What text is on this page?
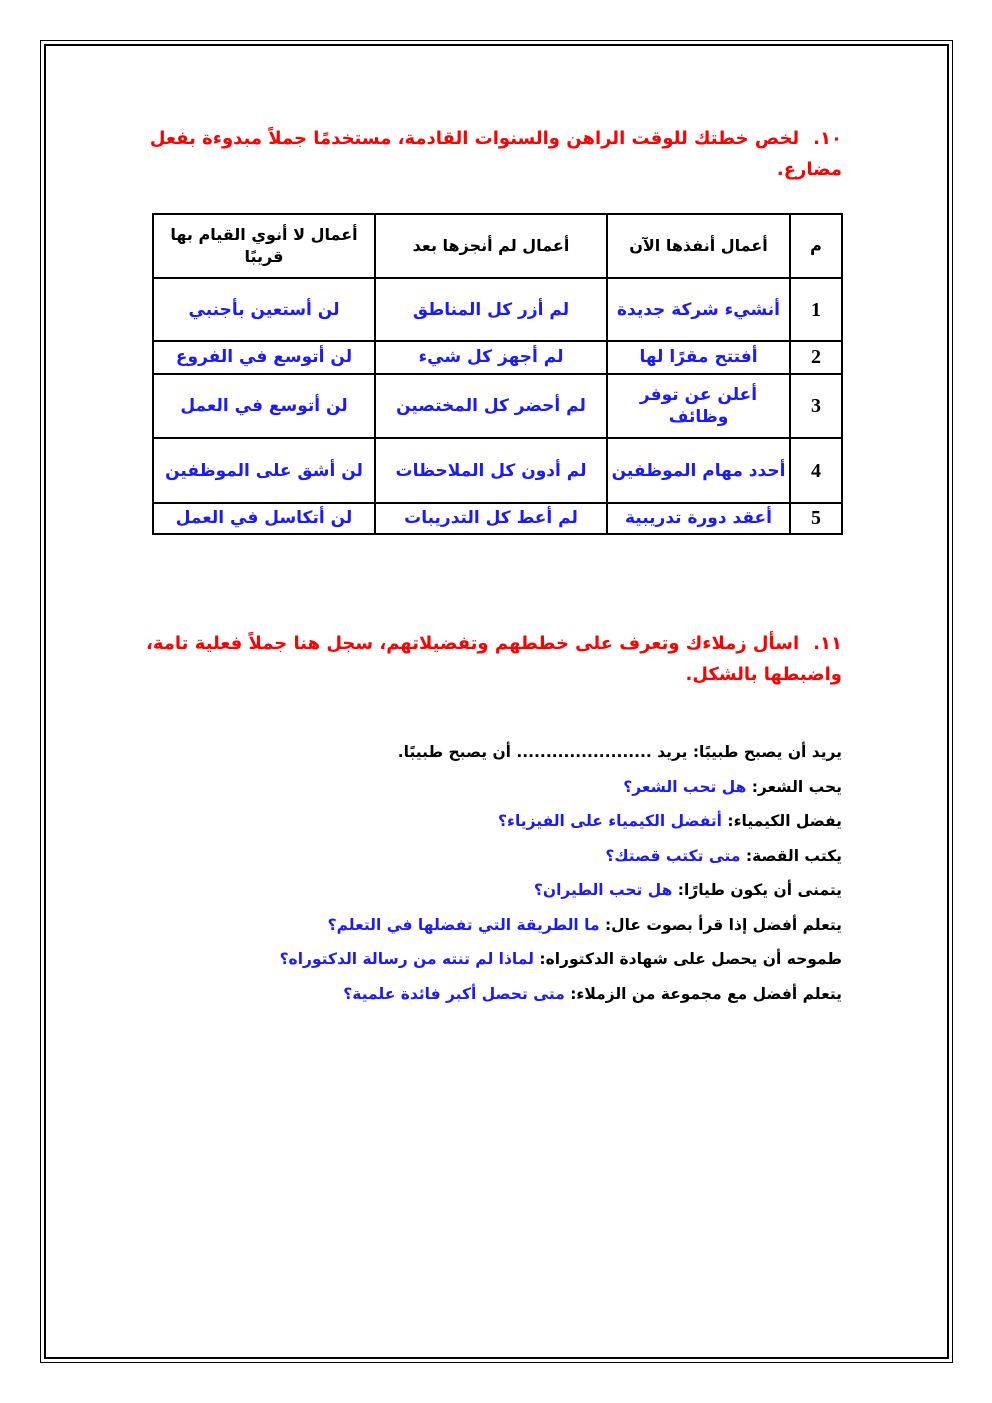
١٠.لخص خطتك للوقت الراهن والسنوات القادمة، مستخدمًا جملاً مبدوءة بفعل مضارع.
م	أعمال أنفذها الآن	أعمال لم أنجزها بعد	أعمال لا أنوي القيام بها قريبًا
1	أنشيء شركة جديدة	لم أزر كل المناطق	لن أستعين بأجنبي
2	أفتتح مقرًا لها	لم أجهز كل شيء	لن أتوسع في الفروع
3	أعلن عن توفر وظائف	لم أحضر كل المختصين	لن أتوسع في العمل
4	أحدد مهام الموظفين	لم أدون كل الملاحظات	لن أشق على الموظفين
5	أعقد دورة تدريبية	لم أعط كل التدريبات	لن أتكاسل في العمل
١١.اسأل زملاءك وتعرف على خططهم وتفضيلاتهم، سجل هنا جملاً فعلية تامة، واضبطها بالشكل.
يريد أن يصبح طبيبًا: يريد ....................... أن يصبح طبيبًا.
يحب الشعر: هل تحب الشعر؟
يفضل الكيمياء: أتفضل الكيمياء على الفيزياء؟
يكتب القصة: متى تكتب قصتك؟
يتمنى أن يكون طيارًا: هل تحب الطيران؟
يتعلم أفضل إذا قرأ بصوت عال: ما الطريقة التي تفضلها في التعلم؟
طموحه أن يحصل على شهادة الدكتوراه: لماذا لم تنته من رسالة الدكتوراه؟
يتعلم أفضل مع مجموعة من الزملاء: متى تحصل أكبر فائدة علمية؟
